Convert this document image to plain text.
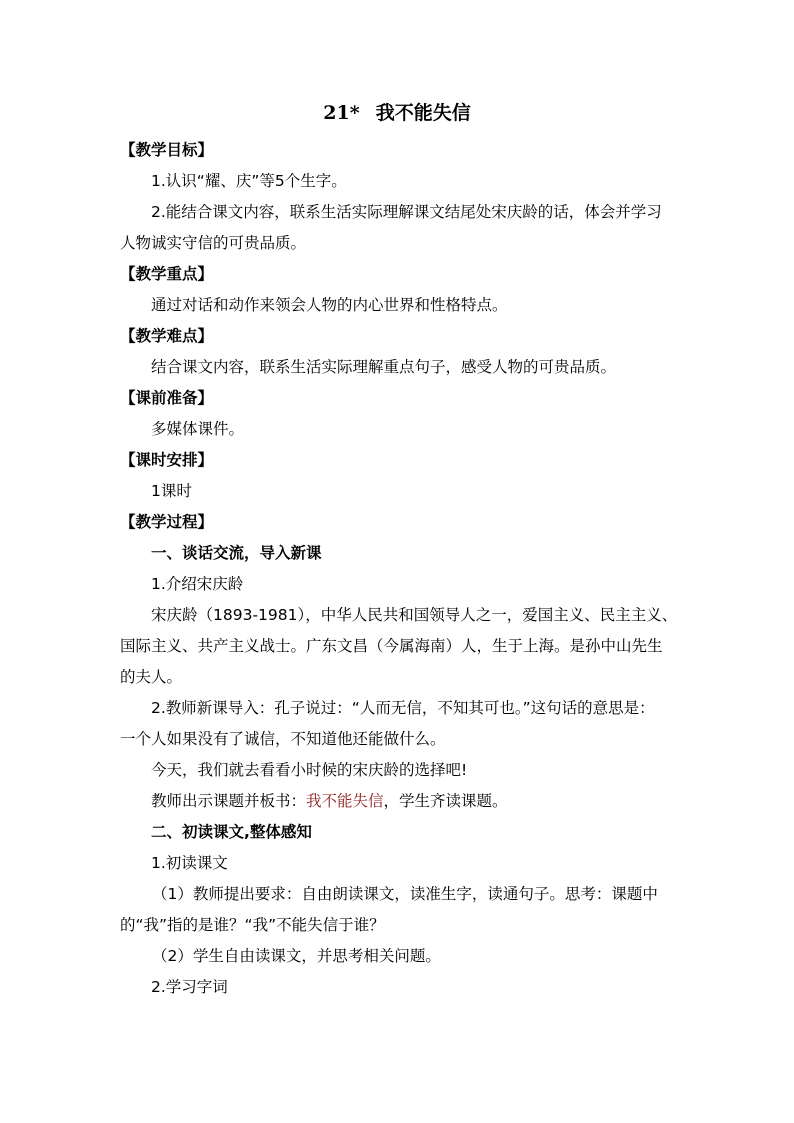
21* 我不能失信
【教学目标】
1.认识“耀、庆”等5个生字。
2.能结合课文内容，联系生活实际理解课文结尾处宋庆龄的话，体会并学习
人物诚实守信的可贵品质。
【教学重点】
通过对话和动作来领会人物的内心世界和性格特点。
【教学难点】
结合课文内容，联系生活实际理解重点句子，感受人物的可贵品质。
【课前准备】
多媒体课件。
【课时安排】
1课时
【教学过程】
一、谈话交流，导入新课
1.介绍宋庆龄
宋庆龄（1893-1981），中华人民共和国领导人之一，爱国主义、民主主义、
国际主义、共产主义战士。广东文昌（今属海南）人，生于上海。是孙中山先生
的夫人。
2.教师新课导入：孔子说过：“人而无信，不知其可也。”这句话的意思是：
一个人如果没有了诚信，不知道他还能做什么。
今天，我们就去看看小时候的宋庆龄的选择吧!
教师出示课题并板书：我不能失信，学生齐读课题。
二、初读课文,整体感知
1.初读课文
（1）教师提出要求：自由朗读课文，读准生字，读通句子。思考：课题中
的“我”指的是谁？“我”不能失信于谁？
（2）学生自由读课文，并思考相关问题。
2.学习字词
